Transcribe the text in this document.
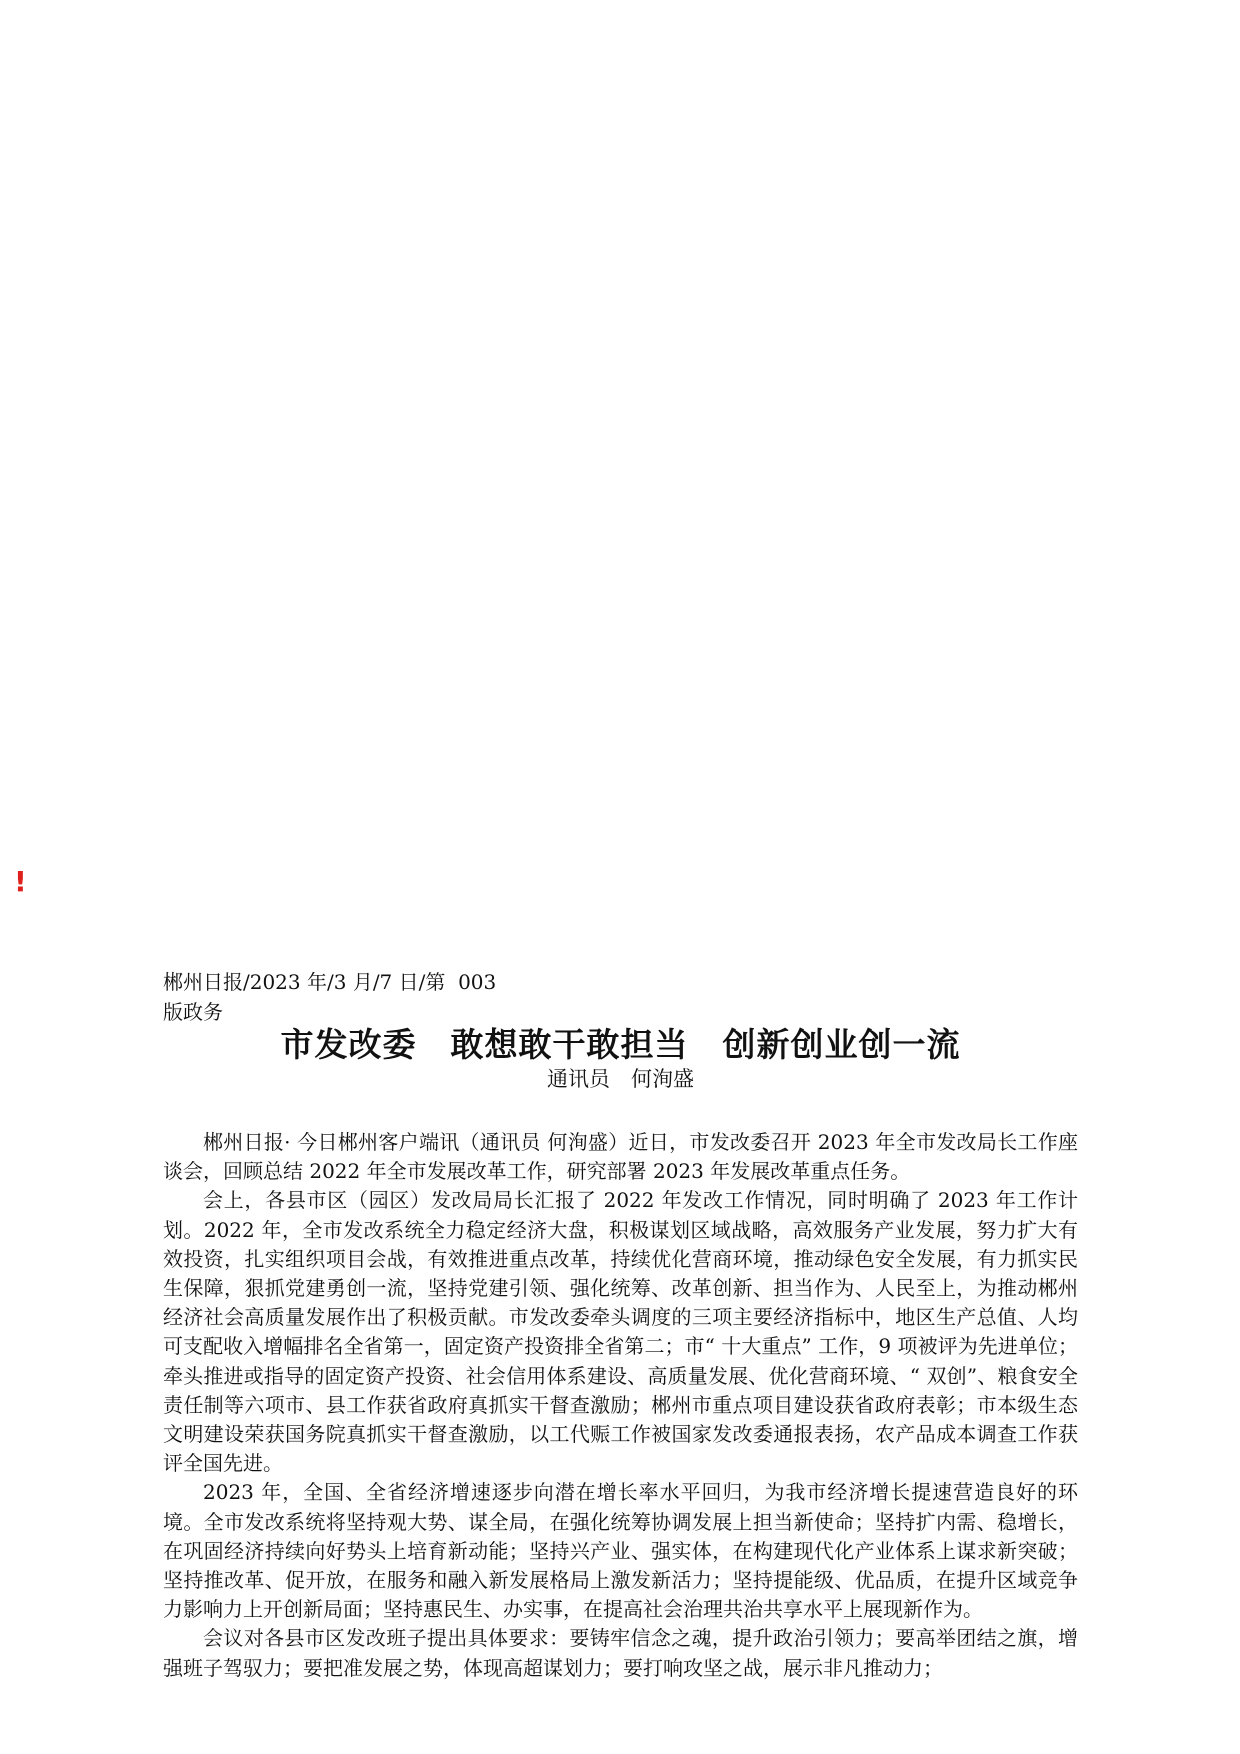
!
郴州日报/2023 年/3 月/7 日/第  003
版政务
市发改委　敢想敢干敢担当　创新创业创一流
通讯员　何洵盛

郴州日报· 今日郴州客户端讯（通讯员 何洵盛）近日，市发改委召开 2023 年全市发改局长工作座谈会，回顾总结 2022 年全市发展改革工作，研究部署 2023 年发展改革重点任务。

会上，各县市区（园区）发改局局长汇报了 2022 年发改工作情况，同时明确了 2023 年工作计划。2022 年，全市发改系统全力稳定经济大盘，积极谋划区域战略，高效服务产业发展，努力扩大有效投资，扎实组织项目会战，有效推进重点改革，持续优化营商环境，推动绿色安全发展，有力抓实民生保障，狠抓党建勇创一流，坚持党建引领、强化统筹、改革创新、担当作为、人民至上，为推动郴州经济社会高质量发展作出了积极贡献。市发改委牵头调度的三项主要经济指标中，地区生产总值、人均可支配收入增幅排名全省第一，固定资产投资排全省第二；市“ 十大重点” 工作，9 项被评为先进单位；牵头推进或指导的固定资产投资、社会信用体系建设、高质量发展、优化营商环境、“ 双创”、粮食安全责任制等六项市、县工作获省政府真抓实干督查激励；郴州市重点项目建设获省政府表彰；市本级生态文明建设荣获国务院真抓实干督查激励，以工代赈工作被国家发改委通报表扬，农产品成本调查工作获评全国先进。

2023 年，全国、全省经济增速逐步向潜在增长率水平回归，为我市经济增长提速营造良好的环境。全市发改系统将坚持观大势、谋全局，在强化统筹协调发展上担当新使命；坚持扩内需、稳增长，在巩固经济持续向好势头上培育新动能；坚持兴产业、强实体，在构建现代化产业体系上谋求新突破；坚持推改革、促开放，在服务和融入新发展格局上激发新活力；坚持提能级、优品质，在提升区域竞争力影响力上开创新局面；坚持惠民生、办实事，在提高社会治理共治共享水平上展现新作为。

会议对各县市区发改班子提出具体要求：要铸牢信念之魂，提升政治引领力；要高举团结之旗，增强班子驾驭力；要把准发展之势，体现高超谋划力；要打响攻坚之战，展示非凡推动力；
